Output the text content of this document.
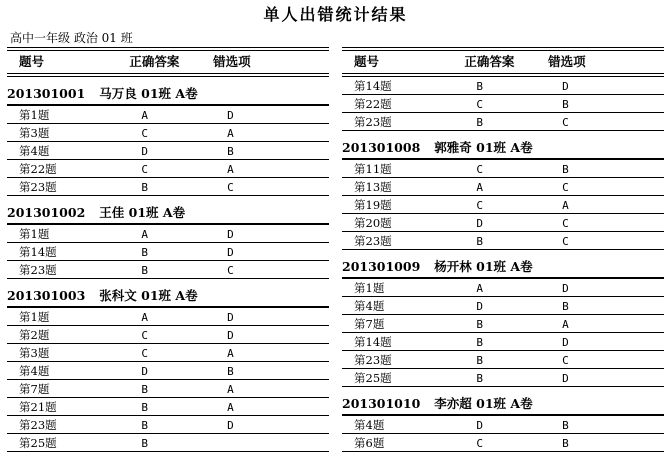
单人出错统计结果
高中一年级 政治 01 班
题号	正确答案	错选项
201301001 马万良 01班 A卷
第1题	A	D
第3题	C	A
第4题	D	B
第22题	C	A
第23题	B	C
201301002 王佳 01班 A卷
第1题	A	D
第14题	B	D
第23题	B	C
201301003 张科文 01班 A卷
第1题	A	D
第2题	C	D
第3题	C	A
第4题	D	B
第7题	B	A
第21题	B	A
第23题	B	D
第25题	B
题号	正确答案	错选项
第14题	B	D
第22题	C	B
第23题	B	C
201301008 郭雅奇 01班 A卷
第11题	C	B
第13题	A	C
第19题	C	A
第20题	D	C
第23题	B	C
201301009 杨开林 01班 A卷
第1题	A	D
第4题	D	B
第7题	B	A
第14题	B	D
第23题	B	C
第25题	B	D
201301010 李亦超 01班 A卷
第4题	D	B
第6题	C	B
